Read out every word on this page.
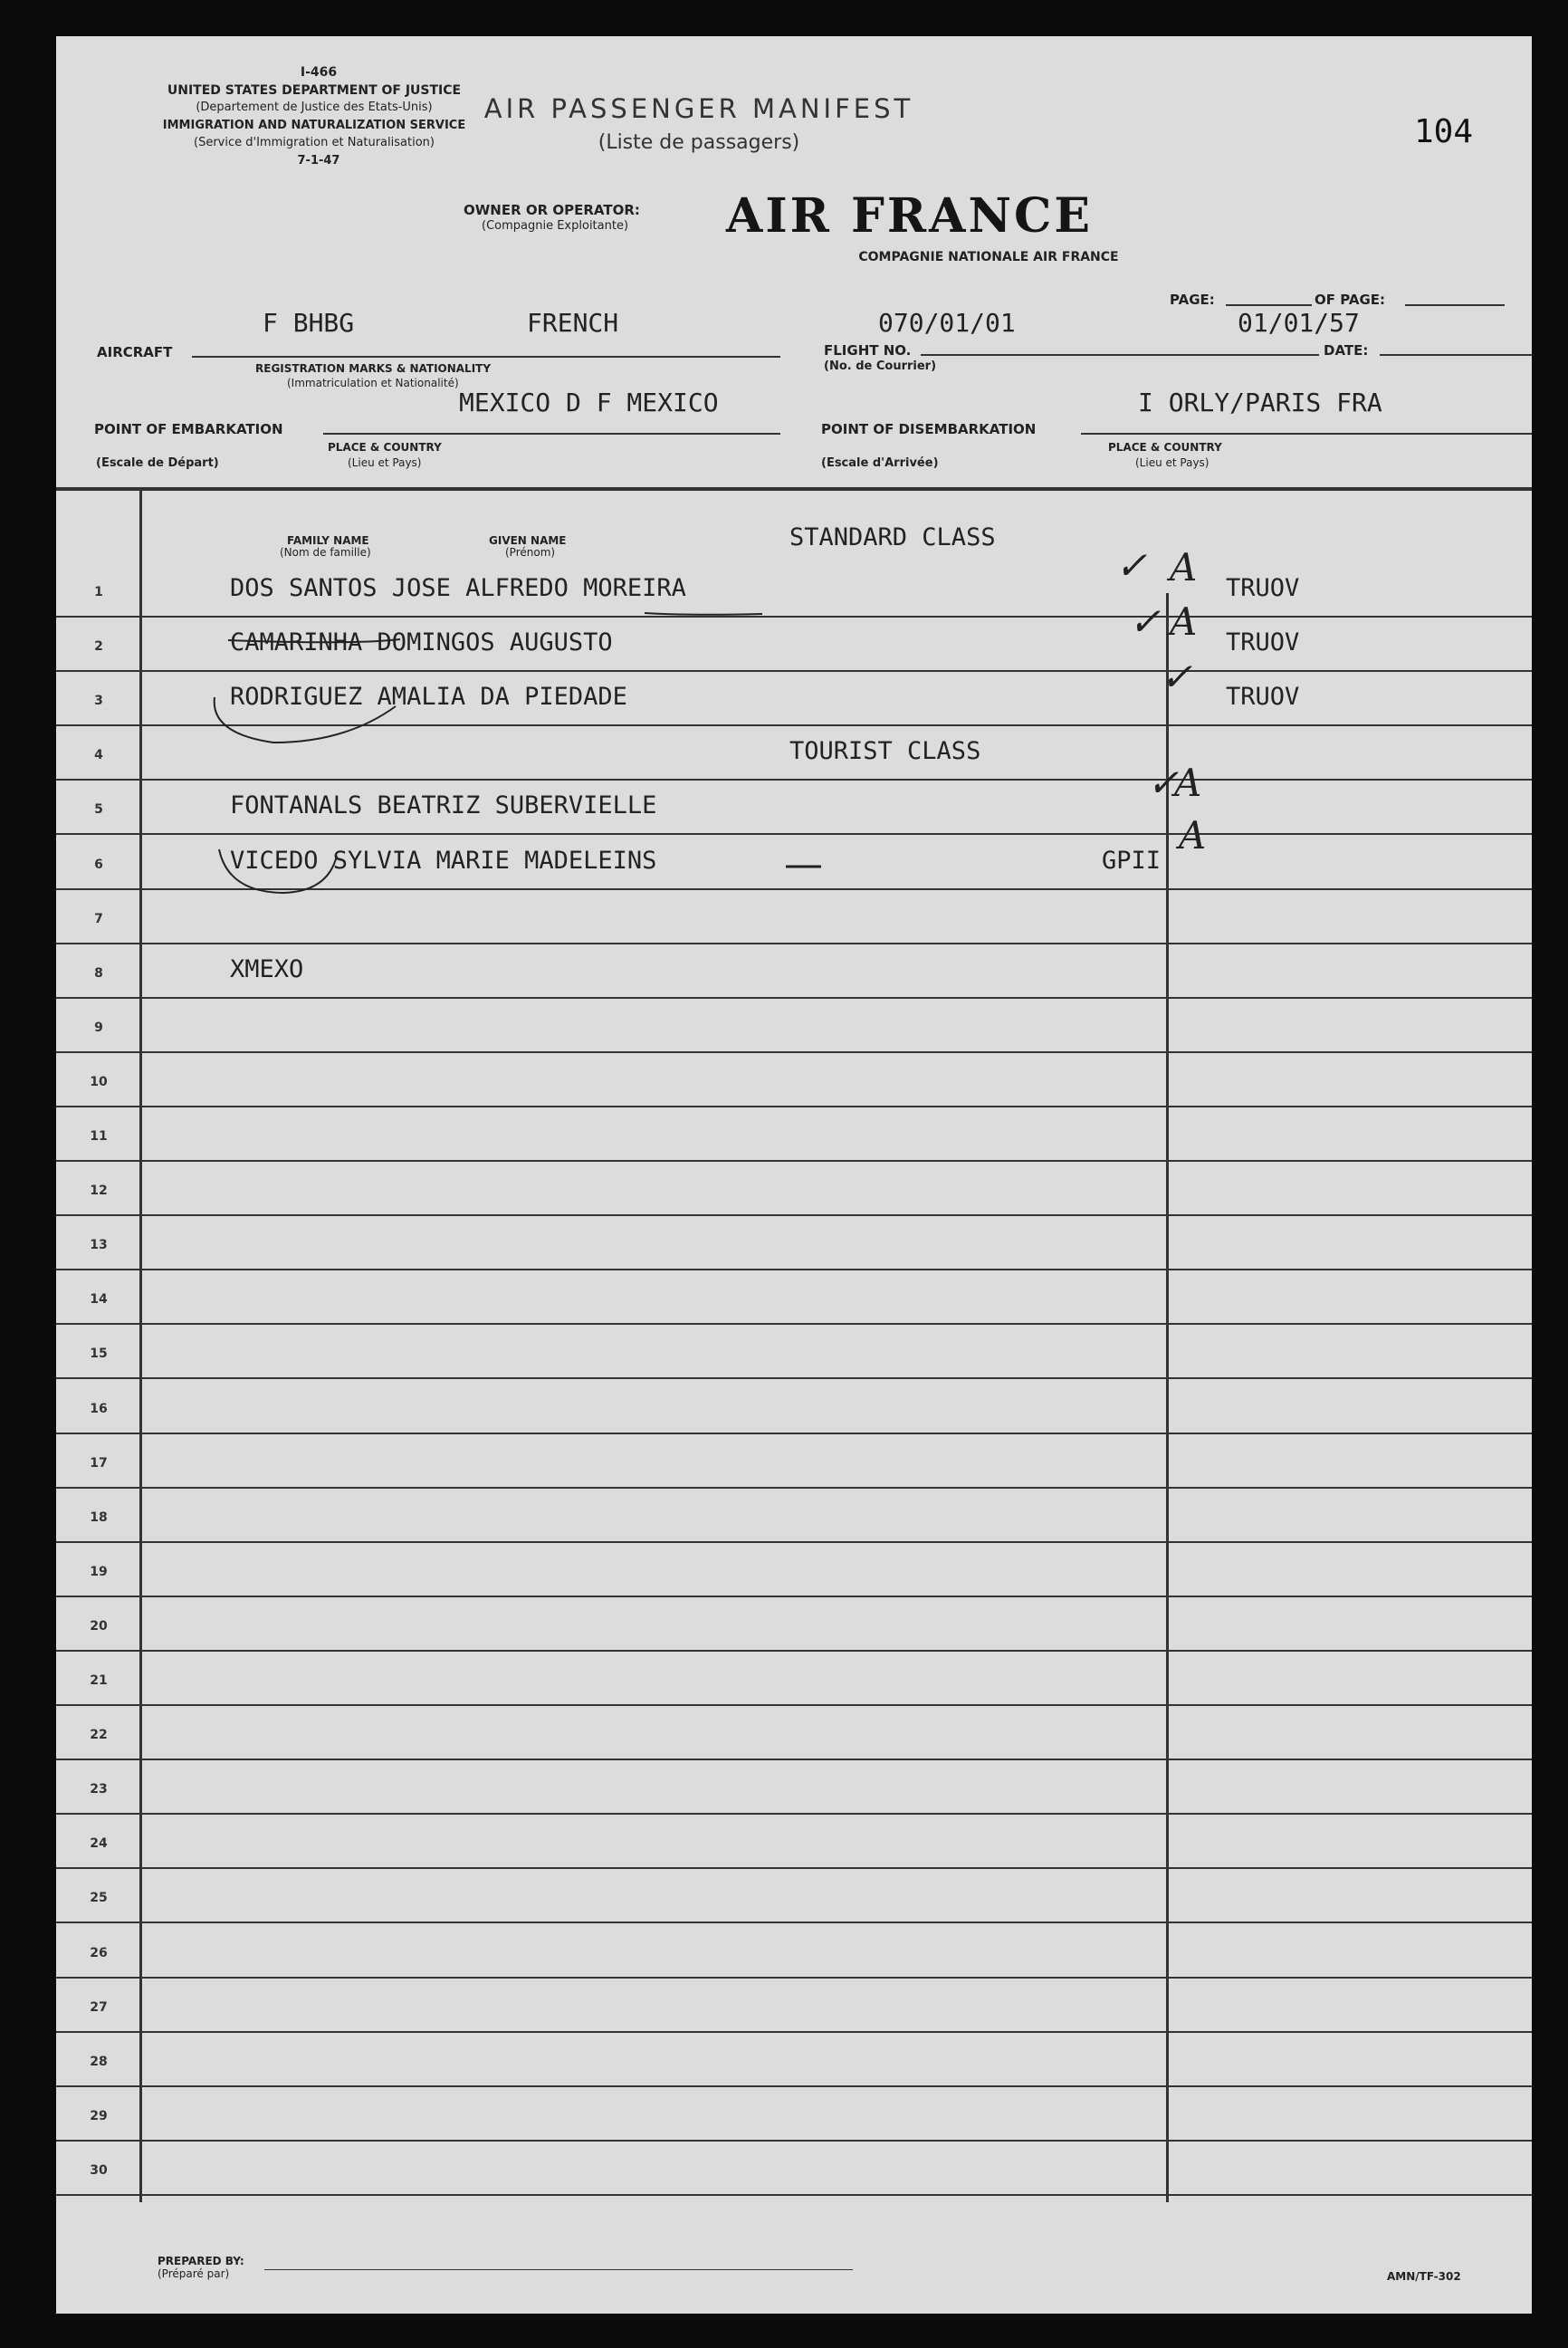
I-466
UNITED STATES DEPARTMENT OF JUSTICE
(Departement de Justice des Etats-Unis)
IMMIGRATION AND NATURALIZATION SERVICE
(Service d'Immigration et Naturalisation)
7-1-47
AIR PASSENGER MANIFEST
(Liste de passagers)	104
OWNER OR OPERATOR:
(Compagnie Exploitante) AIR FRANCE
COMPAGNIE NATIONALE AIR FRANCE
PAGE:	OF PAGE:
F BHBG	FRENCH	070/01/01	01/01/57
AIRCRAFT
REGISTRATION MARKS & NATIONALITY
(Immatriculation et Nationalité)
FLIGHT NO.
(No. de Courrier)
DATE:
MEXICO D F MEXICO	I ORLY/PARIS FRA
POINT OF EMBARKATION
PLACE & COUNTRY
(Lieu et Pays)
(Escale de Départ)
POINT OF DISEMBARKATION
PLACE & COUNTRY
(Lieu et Pays)
(Escale d'Arrivée)
FAMILY NAME
(Nom de famille)
GIVEN NAME
(Prénom)
STANDARD CLASS
1	DOS SANTOS JOSE ALFREDO MOREIRA	TRUOV
2	CAMARINHA DOMINGOS AUGUSTO	TRUOV
3	RODRIGUEZ AMALIA DA PIEDADE	TRUOV
4	TOURIST CLASS
5	FONTANALS BEATRIZ SUBERVIELLE
6	VICEDO SYLVIA MARIE MADELEINS	GPII
7
8	XMEXO
9
10
11
12
13
14
15
16
17
18
19
20
21
22
23
24
25
26
27
28
29
30
✓ A
✓ A
✓
✓
A
A
PREPARED BY:
(Préparé par)	AMN/TF-302
